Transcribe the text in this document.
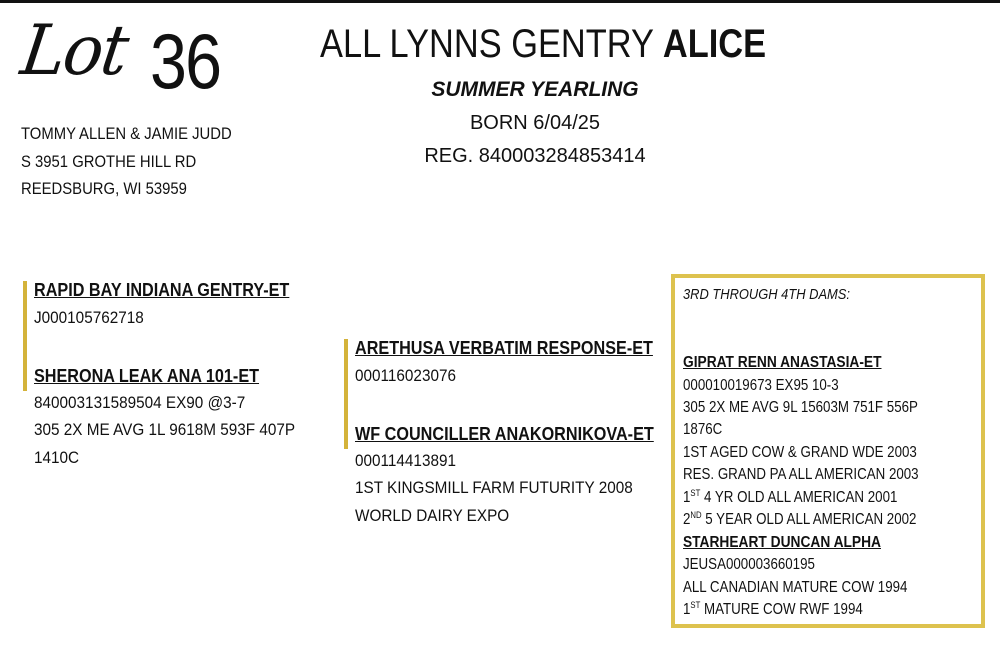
Lot 36
TOMMY ALLEN & JAMIE JUDD
S 3951 GROTHE HILL RD
REEDSBURG, WI 53959
ALL LYNNS GENTRY ALICE
SUMMER YEARLING
BORN 6/04/25
REG. 840003284853414
RAPID BAY INDIANA GENTRY-ET
J000105762718
SHERONA LEAK ANA 101-ET
840003131589504 EX90 @3-7
305 2X ME AVG 1L 9618M 593F 407P
1410C
ARETHUSA VERBATIM RESPONSE-ET
000116023076
WF COUNCILLER ANAKORNIKOVA-ET
000114413891
1ST KINGSMILL FARM FUTURITY 2008
WORLD DAIRY EXPO
3RD THROUGH 4TH DAMS:
GIPRAT RENN ANASTASIA-ET
000010019673 EX95 10-3
305 2X ME AVG 9L 15603M 751F 556P
1876C
1ST AGED COW & GRAND WDE 2003
RES. GRAND PA ALL AMERICAN 2003
1ST 4 YR OLD ALL AMERICAN 2001
2ND 5 YEAR OLD ALL AMERICAN 2002
STARHEART DUNCAN ALPHA
JEUSA000003660195
ALL CANADIAN MATURE COW 1994
1ST MATURE COW RWF 1994
